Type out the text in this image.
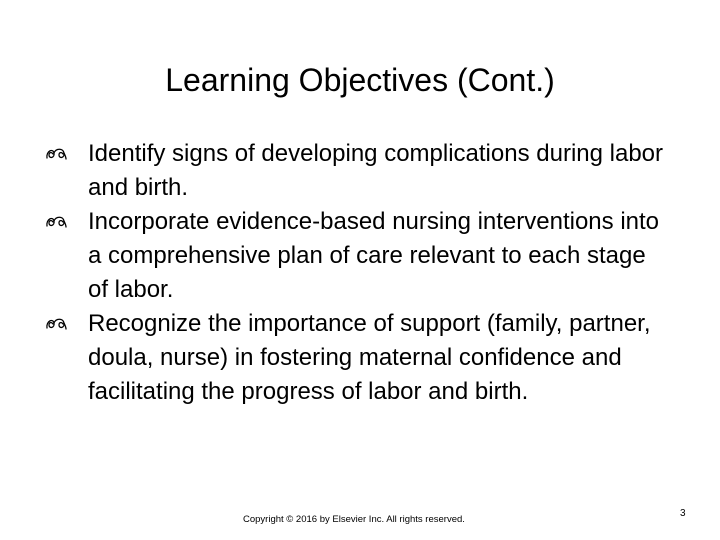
Learning Objectives (Cont.)
Identify signs of developing complications during labor and birth.
Incorporate evidence-based nursing interventions into a comprehensive plan of care relevant to each stage of labor.
Recognize the importance of support (family, partner, doula, nurse) in fostering maternal confidence and facilitating the progress of labor and birth.
Copyright © 2016 by Elsevier Inc. All rights reserved.
3
